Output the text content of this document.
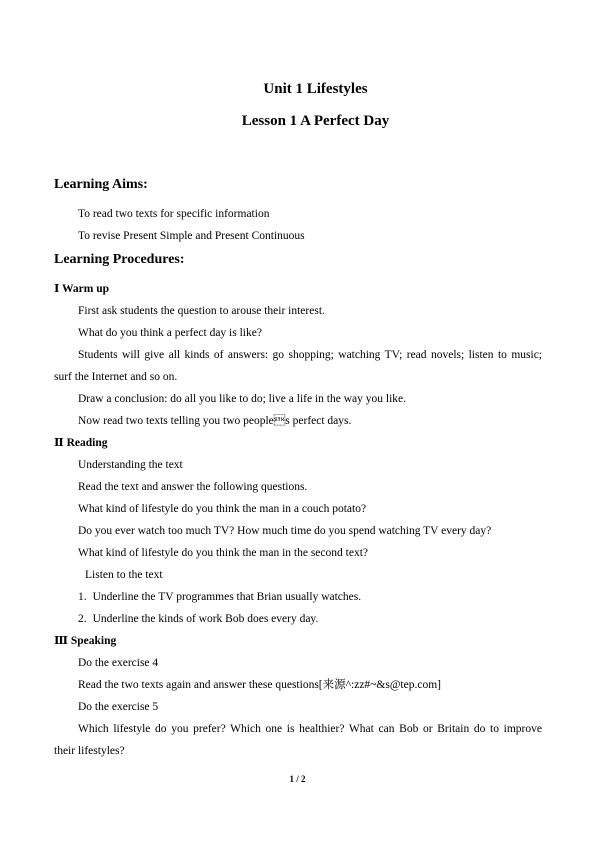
Unit 1 Lifestyles
Lesson 1 A Perfect Day
Learning Aims:
To read two texts for specific information
To revise Present Simple and Present Continuous
Learning Procedures:
Ⅰ Warm up
First ask students the question to arouse their interest.
What do you think a perfect day is like?
Students will give all kinds of answers: go shopping; watching TV; read novels; listen to music;
surf the Internet and so on.
Draw a conclusion: do all you like to do; live a life in the way you like.
Now read two texts telling you two peoples perfect days.
Ⅱ Reading
Understanding the text
Read the text and answer the following questions.
What kind of lifestyle do you think the man in a couch potato?
Do you ever watch too much TV? How much time do you spend watching TV every day?
What kind of lifestyle do you think the man in the second text?
Listen to the text
1. Underline the TV programmes that Brian usually watches.
2. Underline the kinds of work Bob does every day.
Ⅲ Speaking
Do the exercise 4
Read the two texts again and answer these questions[来源^:zz#~&s@tep.com]
Do the exercise 5
Which lifestyle do you prefer? Which one is healthier? What can Bob or Britain do to improve
their lifestyles?
1 / 2
